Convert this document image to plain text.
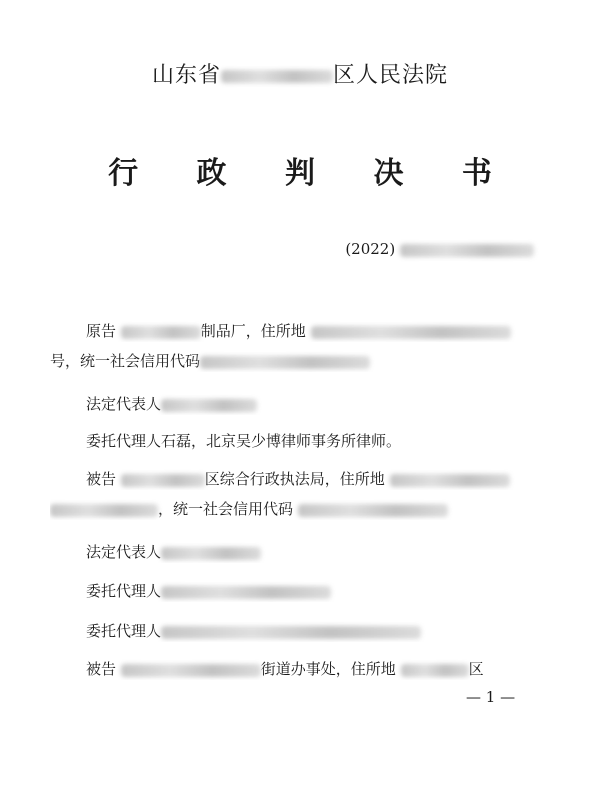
山东省	区人民法院
行 政 判 决 书
(2022)
原告	制品厂，住所地
号，统一社会信用代码
法定代表人
委托代理人石磊，北京吴少博律师事务所律师。
被告	区综合行政执法局，住所地
，统一社会信用代码
法定代表人
委托代理人
委托代理人
被告	街道办事处，住所地	区
— 1 —
